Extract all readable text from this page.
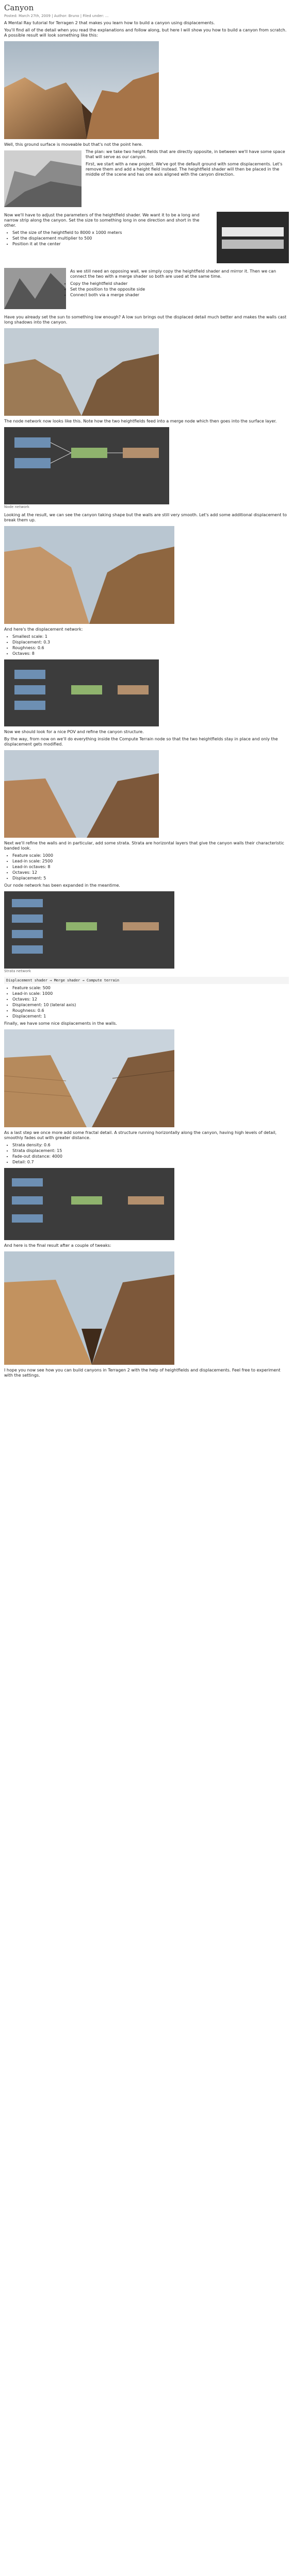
Canyon
Posted: March 27th, 2009 | Author: Bruno | Filed under: ...

A Mental Ray tutorial for Terragen 2 that makes you learn how to build a canyon using displacements.

You'll find all of the detail when you read the explanations and follow along, but here I will show you how to build a canyon from scratch. A possible result will look something like this:

Well, this ground surface is moveable but that's not the point here.

The plan: we take two height fields that are directly opposite, in between we'll have some space that will serve as our canyon.

First, we start with a new project. We've got the default ground with some displacements. Let's remove them and add a height field instead. The heightfield shader will then be placed in the middle of the scene and has one axis aligned with the canyon direction.

Now we'll have to adjust the parameters of the heightfield shader. We want it to be a long and narrow strip along the canyon. Set the size to something long in one direction and short in the other.

• Set the size of the heightfield to 8000 x 1000 meters
• Set the displacement multiplier to 500
• Position it at the center

As we still need an opposing wall, we simply copy the heightfield shader and mirror it. Then we can connect the two with a merge shader so both are used at the same time.

• Copy the heightfield shader
• Set the position to the opposite side
• Connect both via a merge shader

Have you already set the sun to something low enough? A low sun brings out the displaced detail much better and makes the walls cast long shadows into the canyon.

The node network now looks like this. Note how the two heightfields feed into a merge node which then goes into the surface layer.

Node network

Looking at the result, we can see the canyon taking shape but the walls are still very smooth. Let's add some additional displacement to break them up.

And here's the displacement network:

• Smallest scale: 1
• Displacement: 0.3
• Roughness: 0.6
• Octaves: 8

Now we should look for a nice POV and refine the canyon structure.

By the way, from now on we'll do everything inside the Compute Terrain node so that the two heightfields stay in place and only the displacement gets modified.

Next we'll refine the walls and in particular, add some strata. Strata are horizontal layers that give the canyon walls their characteristic banded look.

• Feature scale: 1000
• Lead-in scale: 2500
• Lead-in octaves: 8
• Octaves: 12
• Displacement: 5

Our node network has been expanded in the meantime.

Strata network
Displacement shader → Merge shader → Compute terrain
• Feature scale: 500
• Lead-in scale: 1000
• Octaves: 12
• Displacement: 10 (lateral axis)
• Roughness: 0.6
• Displacement: 1

Finally, we have some nice displacements in the walls.

As a last step we once more add some fractal detail. A structure running horizontally along the canyon, having high levels of detail, smoothly fades out with greater distance.

• Strata density: 0.6
• Strata displacement: 15
• Fade-out distance: 4000
• Detail: 0.7

And here is the final result after a couple of tweaks:

I hope you now see how you can build canyons in Terragen 2 with the help of heightfields and displacements. Feel free to experiment with the settings.
